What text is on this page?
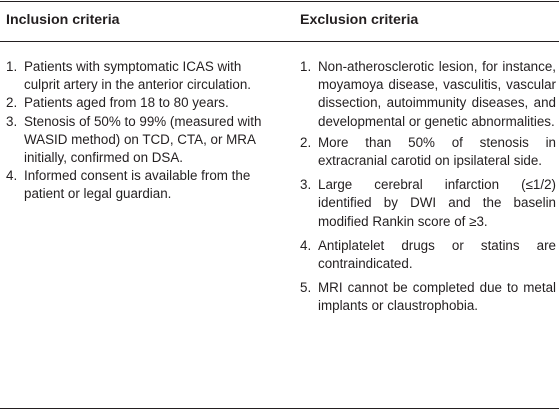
Inclusion criteria	Exclusion criteria
1. Patients with symptomatic ICAS with culprit artery in the anterior circulation.
2. Patients aged from 18 to 80 years.
3. Stenosis of 50% to 99% (measured with WASID method) on TCD, CTA, or MRA initially, confirmed on DSA.
4. Informed consent is available from the patient or legal guardian.
1. Non-atherosclerotic lesion, for instance, moyamoya disease, vasculitis, vascular dissection, autoimmunity diseases, and developmental or genetic abnormalities.
2. More than 50% of stenosis in extracranial carotid on ipsilateral side.
3. Large cerebral infarction (≤1/2) identified by DWI and the baselin modified Rankin score of ≥3.
4. Antiplatelet drugs or statins are contraindicated.
5. MRI cannot be completed due to metal implants or claustrophobia.
